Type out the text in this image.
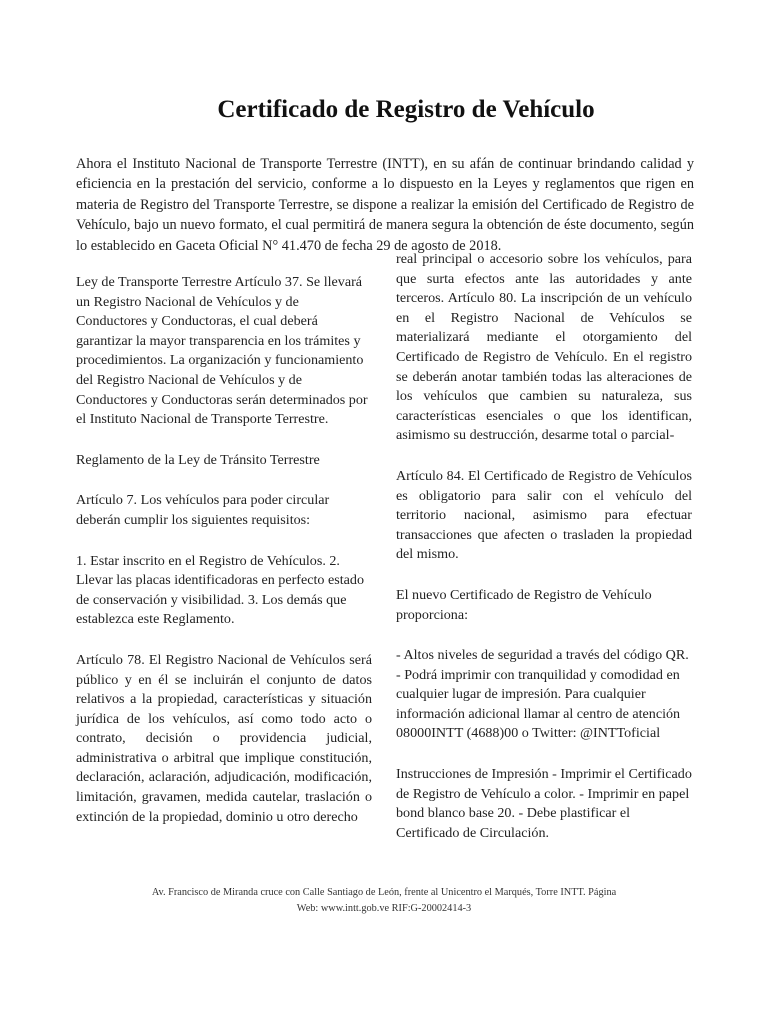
Certificado de Registro de Vehículo

Ahora el Instituto Nacional de Transporte Terrestre (INTT), en su afán de continuar brindando calidad y eficiencia en la prestación del servicio, conforme a lo dispuesto en la Leyes y reglamentos que rigen en materia de Registro del Transporte Terrestre, se dispone a realizar la emisión del Certificado de Registro de Vehículo, bajo un nuevo formato, el cual permitirá de manera segura la obtención de éste documento, según lo establecido en Gaceta Oficial N° 41.470 de fecha 29 de agosto de 2018.

Ley de Transporte Terrestre Artículo 37. Se llevará un Registro Nacional de Vehículos y de Conductores y Conductoras, el cual deberá garantizar la mayor transparencia en los trámites y procedimientos. La organización y funcionamiento del Registro Nacional de Vehículos y de Conductores y Conductoras serán determinados por el Instituto Nacional de Transporte Terrestre.

Reglamento de la Ley de Tránsito Terrestre

Artículo 7. Los vehículos para poder circular deberán cumplir los siguientes requisitos:

1. Estar inscrito en el Registro de Vehículos. 2. Llevar las placas identificadoras en perfecto estado de conservación y visibilidad. 3. Los demás que establezca este Reglamento.

Artículo 78. El Registro Nacional de Vehículos será público y en él se incluirán el conjunto de datos relativos a la propiedad, características y situación jurídica de los vehículos, así como todo acto o contrato, decisión o providencia judicial, administrativa o arbitral que implique constitución, declaración, aclaración, adjudicación, modificación, limitación, gravamen, medida cautelar, traslación o extinción de la propiedad, dominio u otro derecho

real principal o accesorio sobre los vehículos, para que surta efectos ante las autoridades y ante terceros. Artículo 80. La inscripción de un vehículo en el Registro Nacional de Vehículos se materializará mediante el otorgamiento del Certificado de Registro de Vehículo. En el registro se deberán anotar también todas las alteraciones de los vehículos que cambien su naturaleza, sus características esenciales o que los identifican, asimismo su destrucción, desarme total o parcial-

Artículo 84. El Certificado de Registro de Vehículos es obligatorio para salir con el vehículo del territorio nacional, asimismo para efectuar transacciones que afecten o trasladen la propiedad del mismo.

El nuevo Certificado de Registro de Vehículo proporciona:

- Altos niveles de seguridad a través del código QR. - Podrá imprimir con tranquilidad y comodidad en cualquier lugar de impresión. Para cualquier información adicional llamar al centro de atención 08000INTT (4688)00 o Twitter: @INTToficial

Instrucciones de Impresión - Imprimir el Certificado de Registro de Vehículo a color. - Imprimir en papel bond blanco base 20. - Debe plastificar el Certificado de Circulación.

Av. Francisco de Miranda cruce con Calle Santiago de León, frente al Unicentro el Marqués, Torre INTT. Página
Web: www.intt.gob.ve RIF:G-20002414-3
